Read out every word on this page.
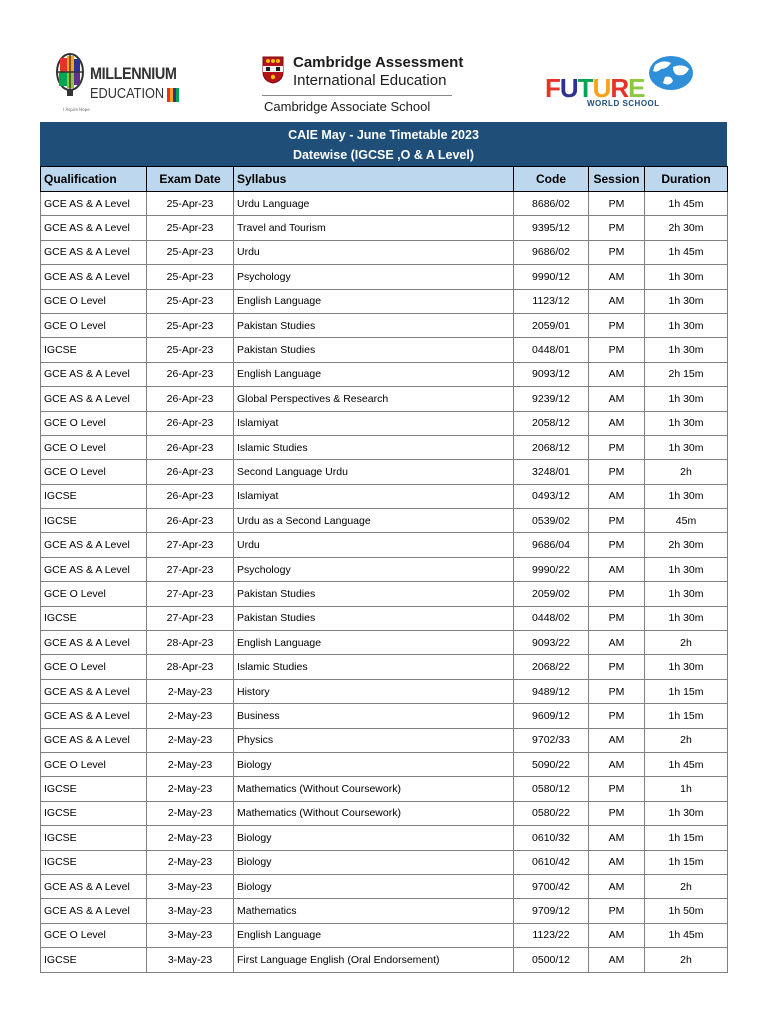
MILLENNIUM
EDUCATION
I Aspire Hope
Cambridge Assessment
International Education
Cambridge Associate School
FUTURE
WORLD SCHOOL
CAIE May - June Timetable 2023
Datewise (IGCSE ,O & A Level)
Qualification	Exam Date	Syllabus	Code	Session	Duration
GCE AS & A Level	25-Apr-23	Urdu Language	8686/02	PM	1h 45m
GCE AS & A Level	25-Apr-23	Travel and Tourism	9395/12	PM	2h 30m
GCE AS & A Level	25-Apr-23	Urdu	9686/02	PM	1h 45m
GCE AS & A Level	25-Apr-23	Psychology	9990/12	AM	1h 30m
GCE O Level	25-Apr-23	English Language	1123/12	AM	1h 30m
GCE O Level	25-Apr-23	Pakistan Studies	2059/01	PM	1h 30m
IGCSE	25-Apr-23	Pakistan Studies	0448/01	PM	1h 30m
GCE AS & A Level	26-Apr-23	English Language	9093/12	AM	2h 15m
GCE AS & A Level	26-Apr-23	Global Perspectives & Research	9239/12	AM	1h 30m
GCE O Level	26-Apr-23	Islamiyat	2058/12	AM	1h 30m
GCE O Level	26-Apr-23	Islamic Studies	2068/12	PM	1h 30m
GCE O Level	26-Apr-23	Second Language Urdu	3248/01	PM	2h
IGCSE	26-Apr-23	Islamiyat	0493/12	AM	1h 30m
IGCSE	26-Apr-23	Urdu as a Second Language	0539/02	PM	45m
GCE AS & A Level	27-Apr-23	Urdu	9686/04	PM	2h 30m
GCE AS & A Level	27-Apr-23	Psychology	9990/22	AM	1h 30m
GCE O Level	27-Apr-23	Pakistan Studies	2059/02	PM	1h 30m
IGCSE	27-Apr-23	Pakistan Studies	0448/02	PM	1h 30m
GCE AS & A Level	28-Apr-23	English Language	9093/22	AM	2h
GCE O Level	28-Apr-23	Islamic Studies	2068/22	PM	1h 30m
GCE AS & A Level	2-May-23	History	9489/12	PM	1h 15m
GCE AS & A Level	2-May-23	Business	9609/12	PM	1h 15m
GCE AS & A Level	2-May-23	Physics	9702/33	AM	2h
GCE O Level	2-May-23	Biology	5090/22	AM	1h 45m
IGCSE	2-May-23	Mathematics (Without Coursework)	0580/12	PM	1h
IGCSE	2-May-23	Mathematics (Without Coursework)	0580/22	PM	1h 30m
IGCSE	2-May-23	Biology	0610/32	AM	1h 15m
IGCSE	2-May-23	Biology	0610/42	AM	1h 15m
GCE AS & A Level	3-May-23	Biology	9700/42	AM	2h
GCE AS & A Level	3-May-23	Mathematics	9709/12	PM	1h 50m
GCE O Level	3-May-23	English Language	1123/22	AM	1h 45m
IGCSE	3-May-23	First Language English (Oral Endorsement)	0500/12	AM	2h
